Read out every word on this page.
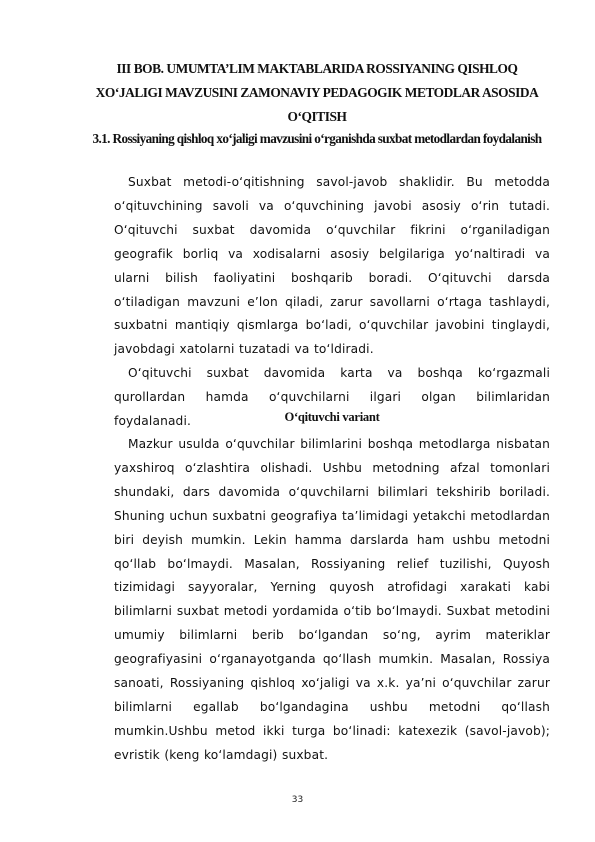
III BOB. UMUMTA’LIM MAKTABLARIDA ROSSIYANING QISHLOQ XO‘JALIGI MAVZUSINI ZAMONAVIY PEDAGOGIK METODLAR ASOSIDA O‘QITISH
3.1. Rossiyaning qishloq xo‘jaligi mavzusini o‘rganishda suxbat metodlardan foydalanish

Suxbat metodi-o‘qitishning savol-javob shaklidir. Bu metodda o‘qituvchining savoli va o‘quvchining javobi asosiy o‘rin tutadi. O‘qituvchi suxbat davomida o‘quvchilar fikrini o‘rganiladigan geografik borliq va xodisalarni asosiy belgilariga yo‘naltiradi va ularni bilish faoliyatini boshqarib boradi. O‘qituvchi darsda o‘tiladigan mavzuni e’lon qiladi, zarur savollarni o‘rtaga tashlaydi, suxbatni mantiqiy qismlarga bo‘ladi, o‘quvchilar javobini tinglaydi, javobdagi xatolarni tuzatadi va to‘ldiradi.

O‘qituvchi suxbat davomida karta va boshqa ko‘rgazmali qurollardan hamda o‘quvchilarni ilgari olgan bilimlaridan foydalanadi.	O‘qituvchi variant

Mazkur usulda o‘quvchilar bilimlarini boshqa metodlarga nisbatan yaxshiroq o‘zlashtira olishadi. Ushbu metodning afzal tomonlari shundaki, dars davomida o‘quvchilarni bilimlari tekshirib boriladi. Shuning uchun suxbatni geografiya ta’limidagi yetakchi metodlardan biri deyish mumkin. Lekin hamma darslarda ham ushbu metodni qo‘llab bo‘lmaydi. Masalan, Rossiyaning relief tuzilishi, Quyosh tizimidagi sayyoralar, Yerning quyosh atrofidagi xarakati kabi bilimlarni suxbat metodi yordamida o‘tib bo‘lmaydi. Suxbat metodini umumiy bilimlarni berib bo‘lgandan so‘ng, ayrim materiklar geografiyasini o‘rganayotganda qo‘llash mumkin. Masalan, Rossiya sanoati, Rossiyaning qishloq xo‘jaligi va x.k. ya’ni o‘quvchilar zarur bilimlarni egallab bo‘lgandagina ushbu metodni qo‘llash mumkin.Ushbu metod ikki turga bo‘linadi: katexezik (savol-javob); evristik (keng ko‘lamdagi) suxbat.

33
